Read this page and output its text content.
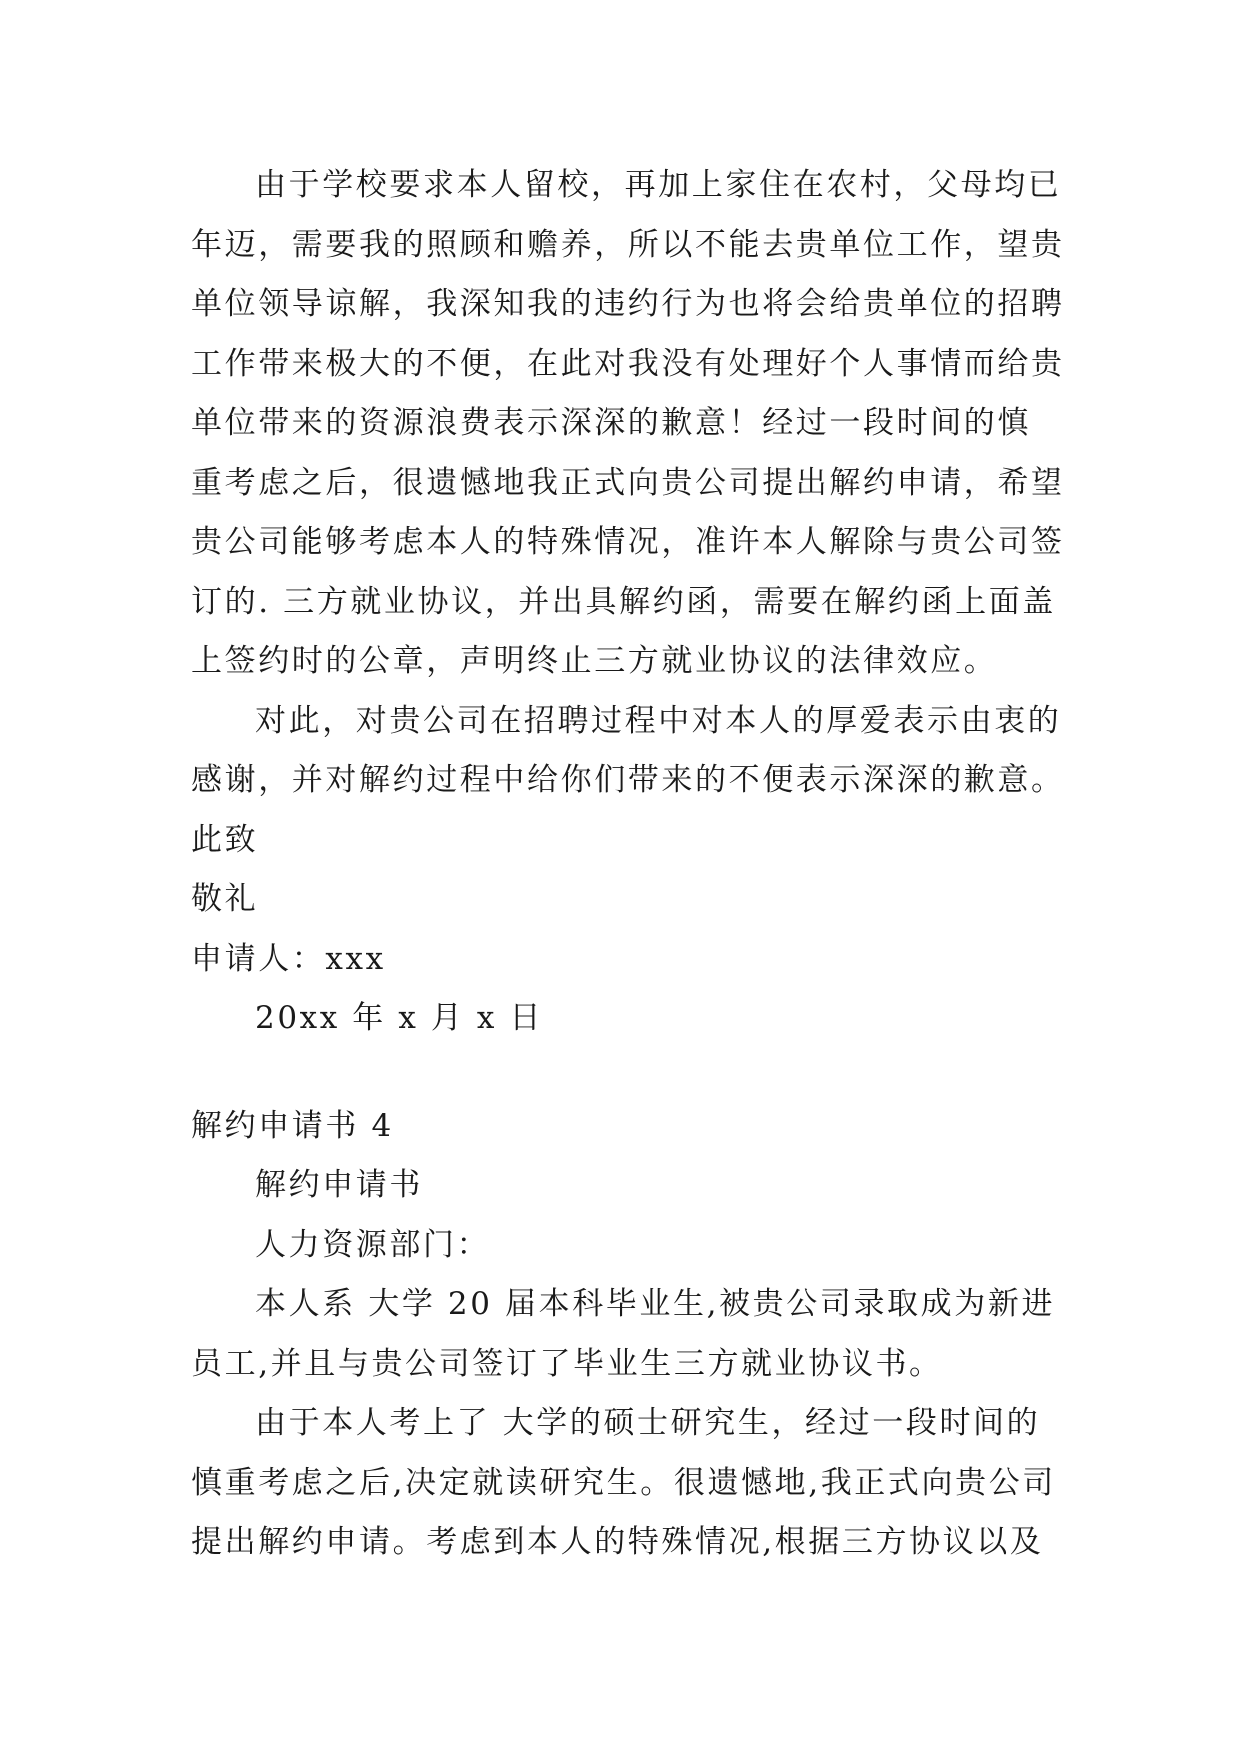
由于学校要求本人留校，再加上家住在农村，父母均已
年迈，需要我的照顾和赡养，所以不能去贵单位工作，望贵
单位领导谅解，我深知我的违约行为也将会给贵单位的招聘
工作带来极大的不便，在此对我没有处理好个人事情而给贵
单位带来的资源浪费表示深深的歉意！经过一段时间的慎
重考虑之后，很遗憾地我正式向贵公司提出解约申请，希望
贵公司能够考虑本人的特殊情况，准许本人解除与贵公司签
订的. 三方就业协议，并出具解约函，需要在解约函上面盖
上签约时的公章，声明终止三方就业协议的法律效应。
对此，对贵公司在招聘过程中对本人的厚爱表示由衷的
感谢，并对解约过程中给你们带来的不便表示深深的歉意。
此致
敬礼
申请人：xxx
20xx 年 x 月 x 日
解约申请书 4
解约申请书
人力资源部门：
本人系 大学 20 届本科毕业生,被贵公司录取成为新进
员工,并且与贵公司签订了毕业生三方就业协议书。
由于本人考上了 大学的硕士研究生，经过一段时间的
慎重考虑之后,决定就读研究生。很遗憾地,我正式向贵公司
提出解约申请。考虑到本人的特殊情况,根据三方协议以及
